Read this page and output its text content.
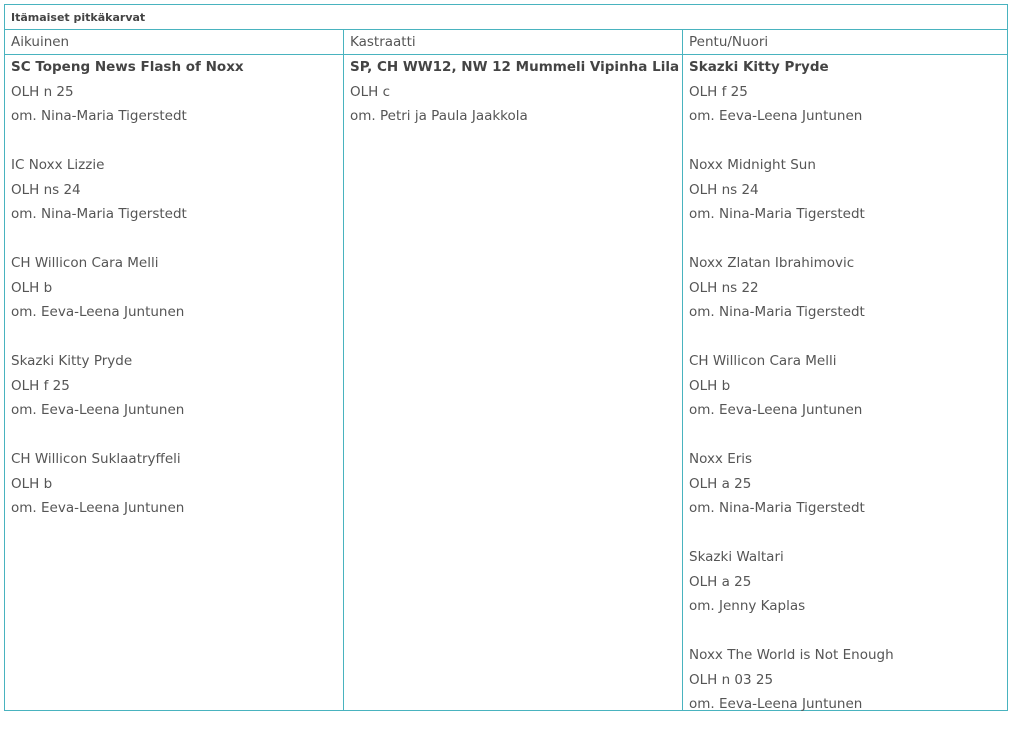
Itämaiset pitkäkarvat
Aikuinen	Kastraatti	Pentu/Nuori
SC Topeng News Flash of Noxx
OLH n 25
om. Nina-Maria Tigerstedt
IC Noxx Lizzie
OLH ns 24
om. Nina-Maria Tigerstedt
CH Willicon Cara Melli
OLH b
om. Eeva-Leena Juntunen
Skazki Kitty Pryde
OLH f 25
om. Eeva-Leena Juntunen
CH Willicon Suklaatryffeli
OLH b
om. Eeva-Leena Juntunen
SP, CH WW12, NW 12 Mummeli Vipinha Lila
OLH c
om. Petri ja Paula Jaakkola
Skazki Kitty Pryde
OLH f 25
om. Eeva-Leena Juntunen
Noxx Midnight Sun
OLH ns 24
om. Nina-Maria Tigerstedt
Noxx Zlatan Ibrahimovic
OLH ns 22
om. Nina-Maria Tigerstedt
CH Willicon Cara Melli
OLH b
om. Eeva-Leena Juntunen
Noxx Eris
OLH a 25
om. Nina-Maria Tigerstedt
Skazki Waltari
OLH a 25
om. Jenny Kaplas
Noxx The World is Not Enough
OLH n 03 25
om. Eeva-Leena Juntunen
